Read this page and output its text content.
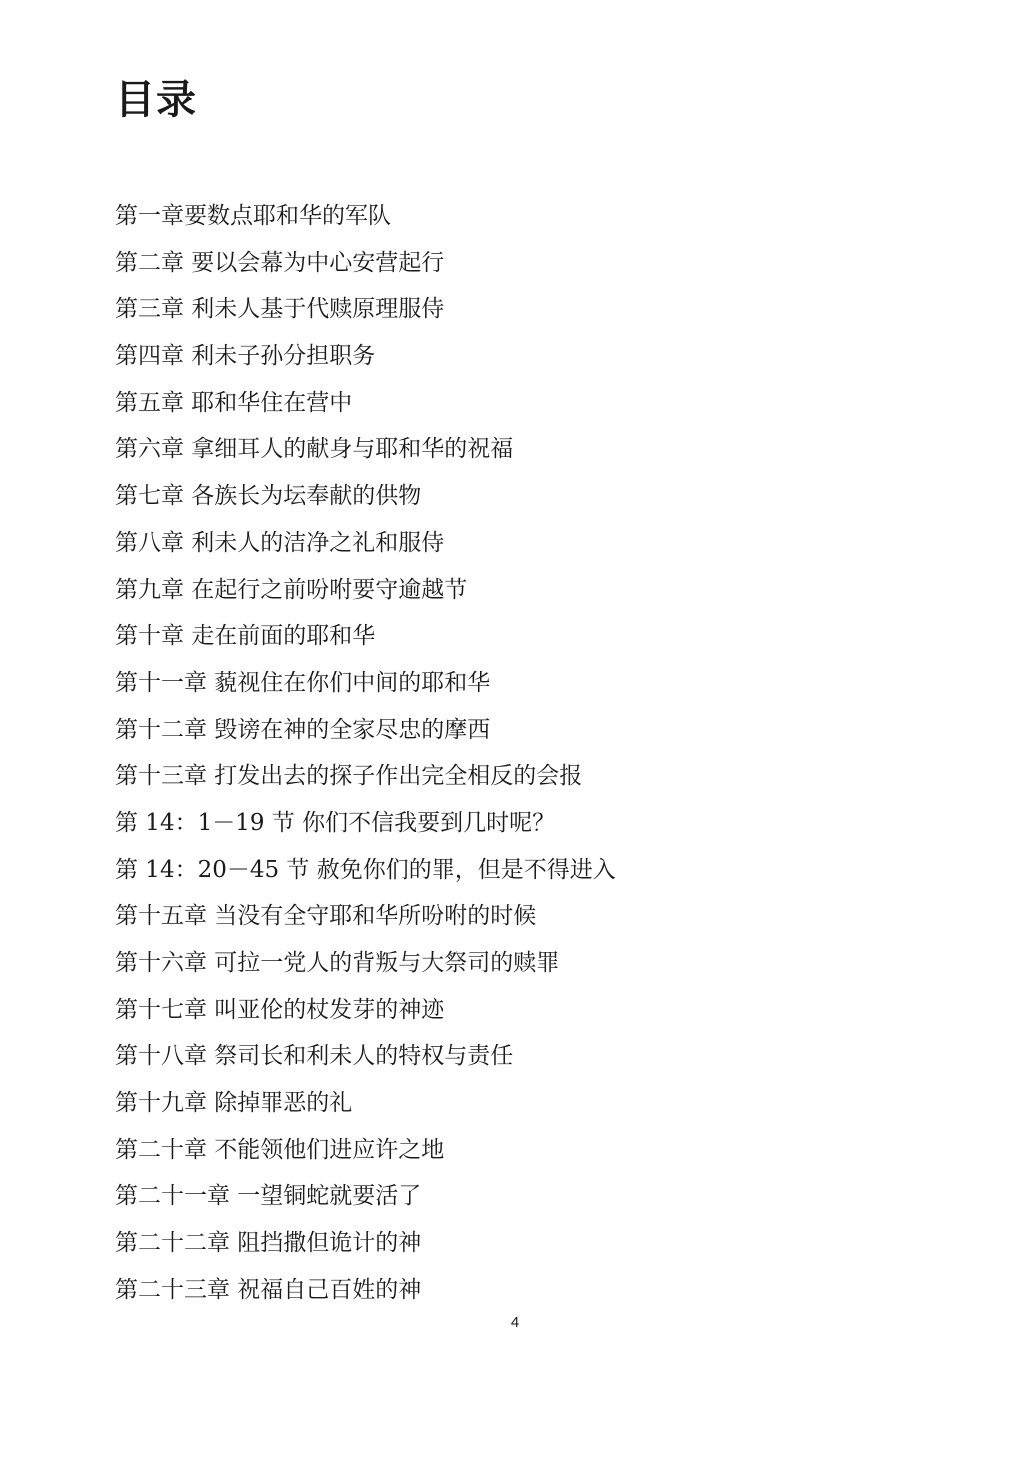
目录
第一章要数点耶和华的军队
第二章 要以会幕为中心安营起行
第三章 利未人基于代赎原理服侍
第四章 利未子孙分担职务
第五章 耶和华住在营中
第六章 拿细耳人的献身与耶和华的祝福
第七章 各族长为坛奉献的供物
第八章 利未人的洁净之礼和服侍
第九章 在起行之前吩咐要守逾越节
第十章 走在前面的耶和华
第十一章 藐视住在你们中间的耶和华
第十二章 毁谤在神的全家尽忠的摩西
第十三章 打发出去的探子作出完全相反的会报
第 14：1－19 节 你们不信我要到几时呢？
第 14：20－45 节 赦免你们的罪，但是不得进入
第十五章 当没有全守耶和华所吩咐的时候
第十六章 可拉一党人的背叛与大祭司的赎罪
第十七章 叫亚伦的杖发芽的神迹
第十八章 祭司长和利未人的特权与责任
第十九章 除掉罪恶的礼
第二十章 不能领他们进应许之地
第二十一章 一望铜蛇就要活了
第二十二章 阻挡撒但诡计的神
第二十三章 祝福自己百姓的神
4
